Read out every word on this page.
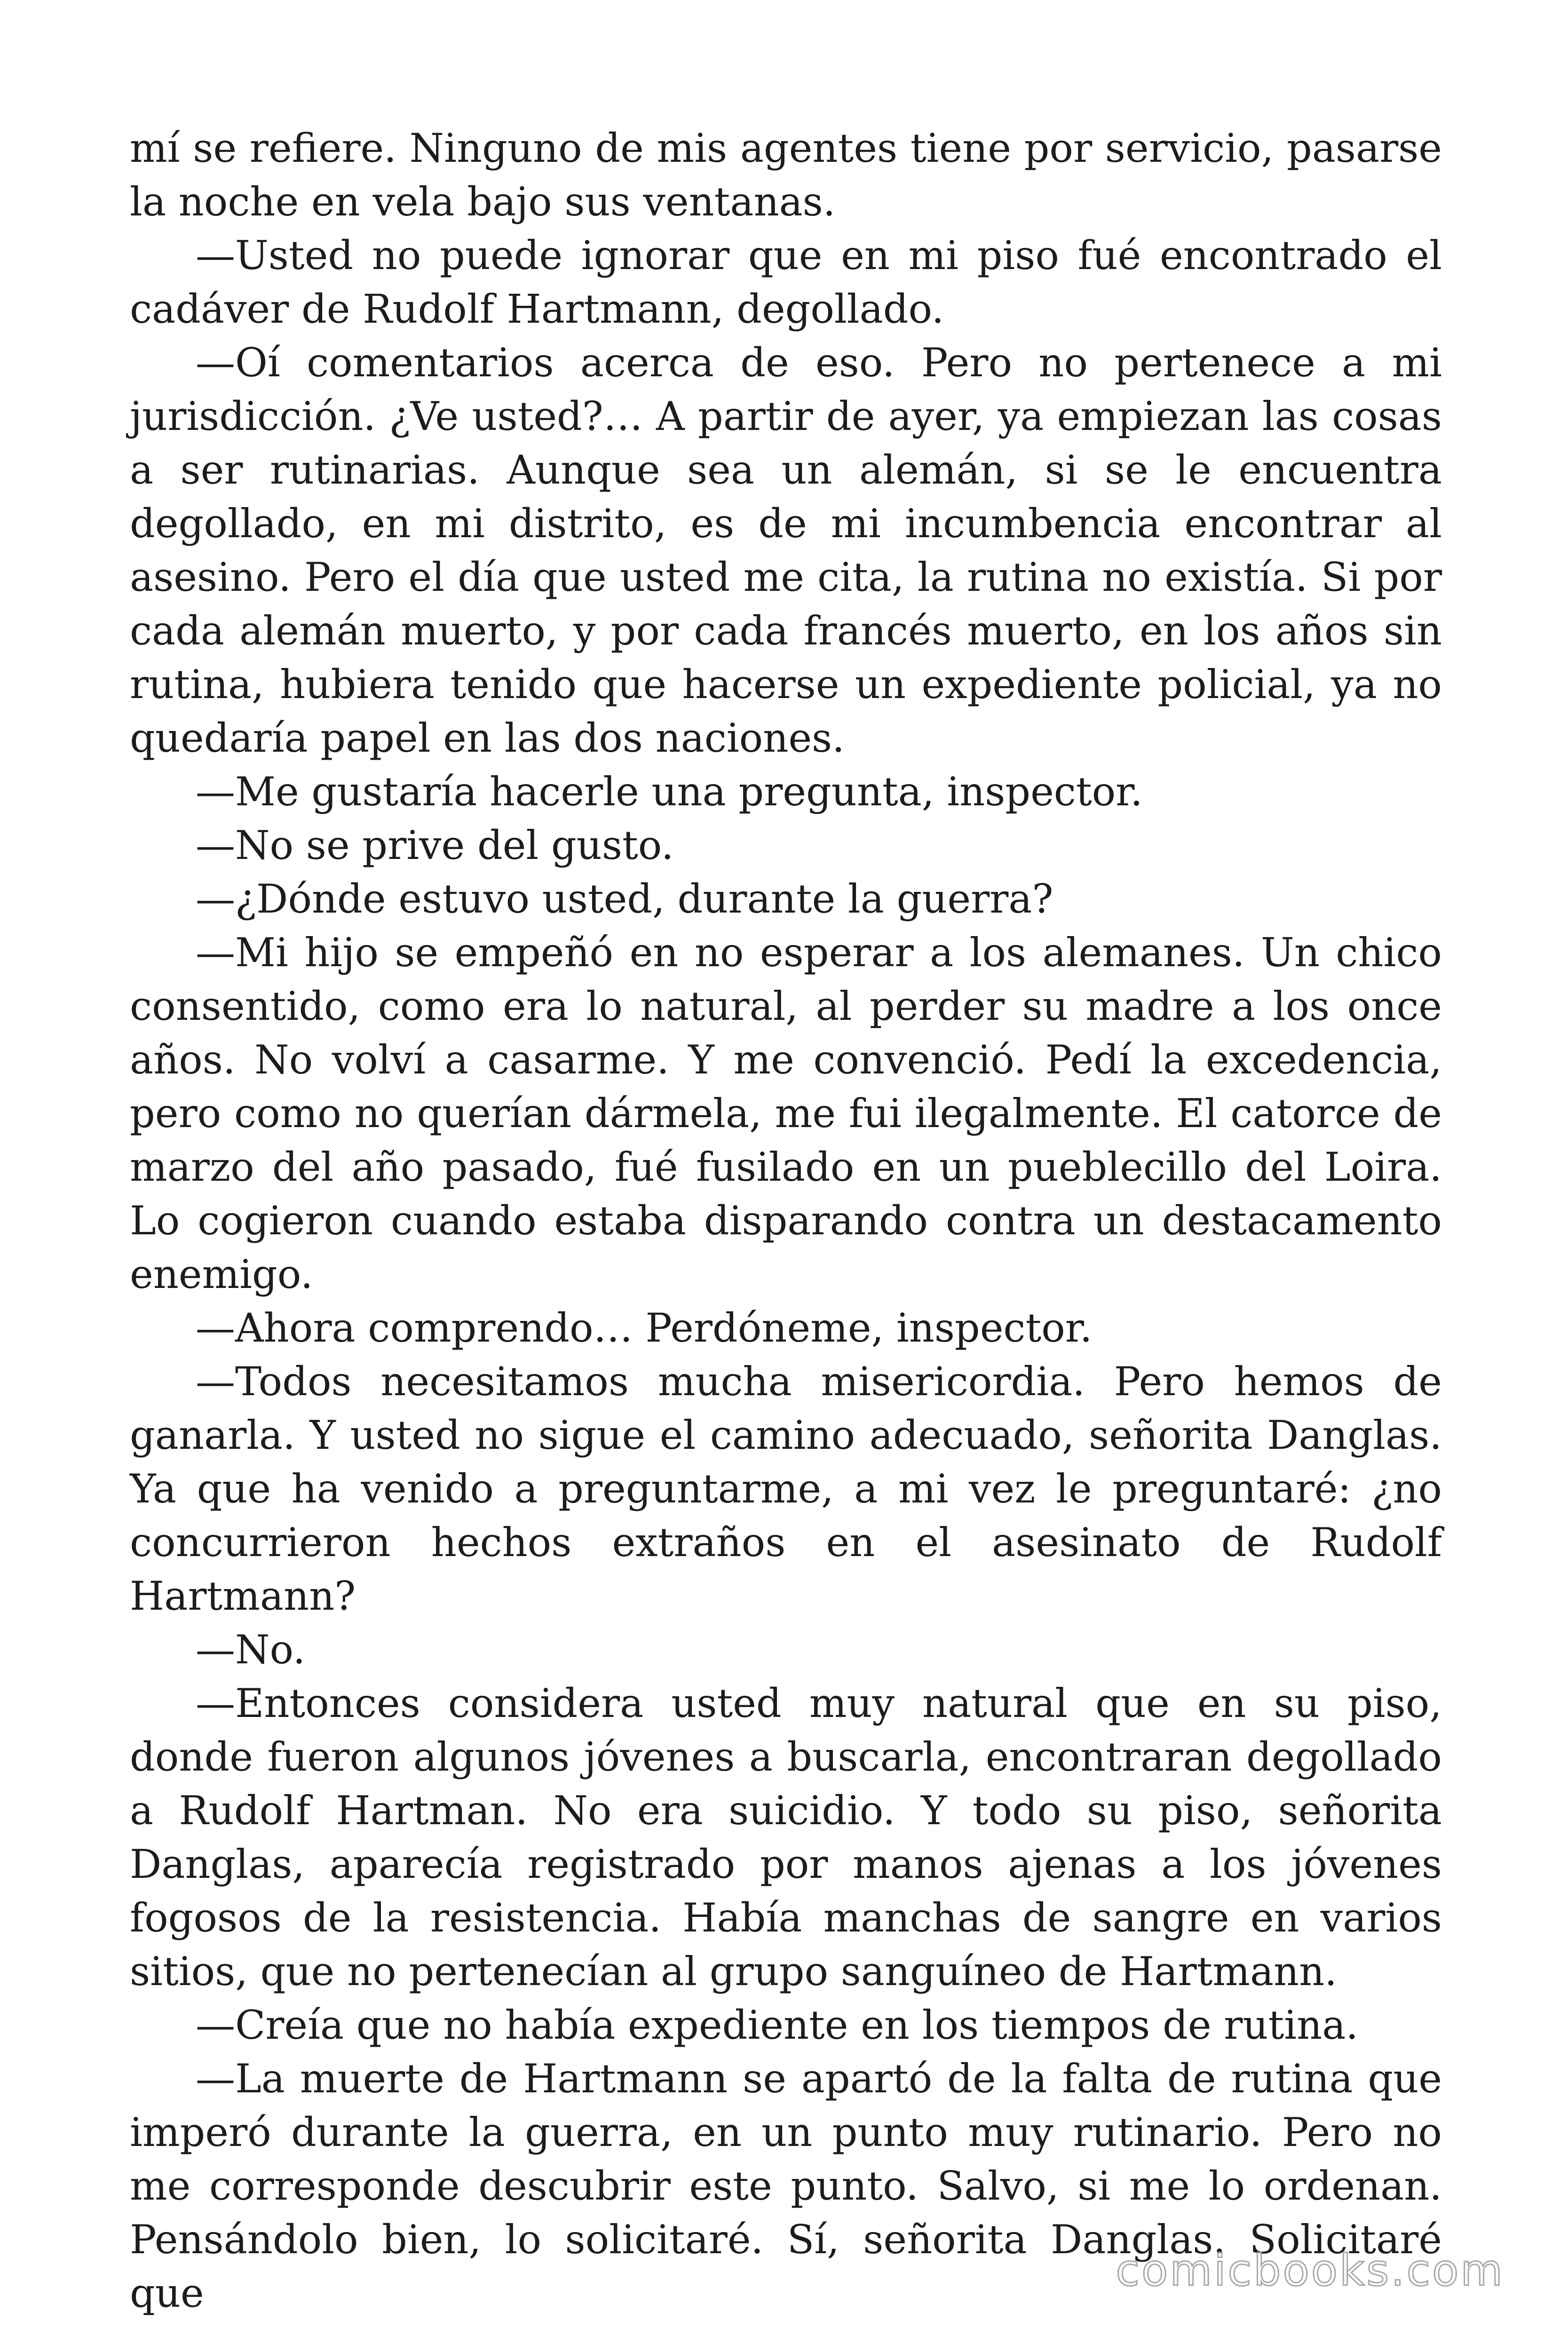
mí se refiere. Ninguno de mis agentes tiene por servicio, pasarse la noche en vela bajo sus ventanas.

—Usted no puede ignorar que en mi piso fué encontrado el cadáver de Rudolf Hartmann, degollado.

—Oí comentarios acerca de eso. Pero no pertenece a mi jurisdicción. ¿Ve usted?… A partir de ayer, ya empiezan las cosas a ser rutinarias. Aunque sea un alemán, si se le encuentra degollado, en mi distrito, es de mi incumbencia encontrar al asesino. Pero el día que usted me cita, la rutina no existía. Si por cada alemán muerto, y por cada francés muerto, en los años sin rutina, hubiera tenido que hacerse un expediente policial, ya no quedaría papel en las dos naciones.

—Me gustaría hacerle una pregunta, inspector.

—No se prive del gusto.

—¿Dónde estuvo usted, durante la guerra?

—Mi hijo se empeñó en no esperar a los alemanes. Un chico consentido, como era lo natural, al perder su madre a los once años. No volví a casarme. Y me convenció. Pedí la excedencia, pero como no querían dármela, me fui ilegalmente. El catorce de marzo del año pasado, fué fusilado en un pueblecillo del Loira. Lo cogieron cuando estaba disparando contra un destacamento enemigo.

—Ahora comprendo… Perdóneme, inspector.

—Todos necesitamos mucha misericordia. Pero hemos de ganarla. Y usted no sigue el camino adecuado, señorita Danglas. Ya que ha venido a preguntarme, a mi vez le preguntaré: ¿no concurrieron hechos extraños en el asesinato de Rudolf Hartmann?

—No.

—Entonces considera usted muy natural que en su piso, donde fueron algunos jóvenes a buscarla, encontraran degollado a Rudolf Hartman. No era suicidio. Y todo su piso, señorita Danglas, aparecía registrado por manos ajenas a los jóvenes fogosos de la resistencia. Había manchas de sangre en varios sitios, que no pertenecían al grupo sanguíneo de Hartmann.

—Creía que no había expediente en los tiempos de rutina.

—La muerte de Hartmann se apartó de la falta de rutina que imperó durante la guerra, en un punto muy rutinario. Pero no me corresponde descubrir este punto. Salvo, si me lo ordenan. Pensándolo bien, lo solicitaré. Sí, señorita Danglas. Solicitaré que	comicbooks.com
